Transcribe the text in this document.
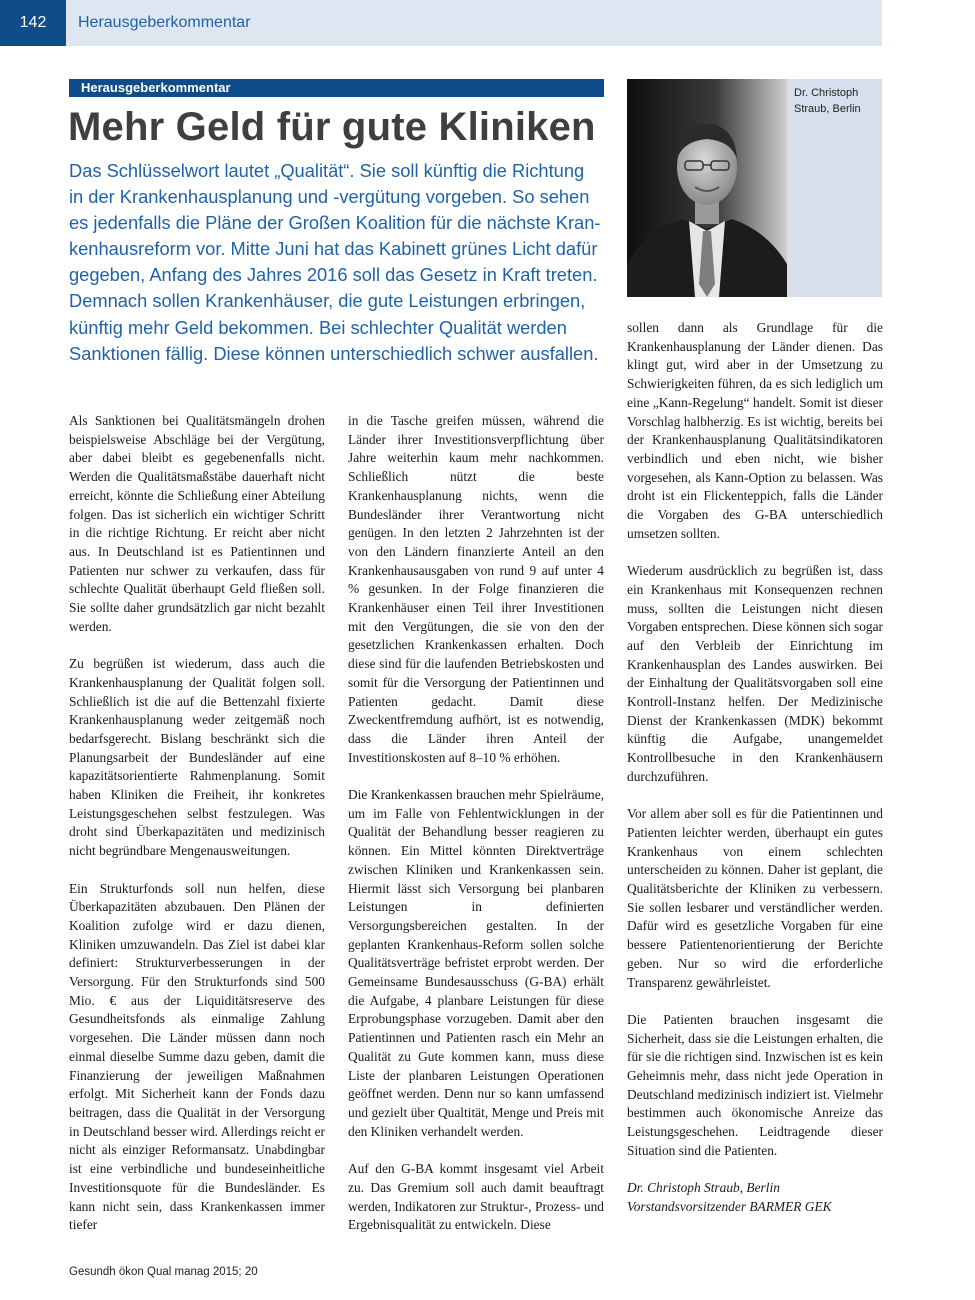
142	Herausgeberkommentar
Herausgeberkommentar
Mehr Geld für gute Kliniken
Das Schlüsselwort lautet „Qualität“. Sie soll künftig die Richtung
in der Krankenhausplanung und -vergütung vorgeben. So sehen
es jedenfalls die Pläne der Großen Koalition für die nächste Kran-
kenhausreform vor. Mitte Juni hat das Kabinett grünes Licht dafür
gegeben, Anfang des Jahres 2016 soll das Gesetz in Kraft treten.
Demnach sollen Krankenhäuser, die gute Leistungen erbringen,
künftig mehr Geld bekommen. Bei schlechter Qualität werden
Sanktionen fällig. Diese können unterschiedlich schwer ausfallen.
Dr. Christoph
Straub, Berlin

Als Sanktionen bei Qualitätsmängeln drohen beispielsweise Abschläge bei der Vergütung, aber dabei bleibt es gegebenenfalls nicht. Werden die Qualitätsmaßstäbe dauerhaft nicht erreicht, könnte die Schließung einer Abteilung folgen. Das ist sicherlich ein wichtiger Schritt in die richtige Richtung. Er reicht aber nicht aus. In Deutschland ist es Patientinnen und Patienten nur schwer zu verkaufen, dass für schlechte Qualität überhaupt Geld fließen soll. Sie sollte daher grundsätzlich gar nicht bezahlt werden.

Zu begrüßen ist wiederum, dass auch die Krankenhausplanung der Qualität folgen soll. Schließlich ist die auf die Bettenzahl fixierte Krankenhausplanung weder zeitgemäß noch bedarfsgerecht. Bislang beschränkt sich die Planungsarbeit der Bundesländer auf eine kapazitätsorientierte Rahmenplanung. Somit haben Kliniken die Freiheit, ihr konkretes Leistungsgeschehen selbst festzulegen. Was droht sind Überkapazitäten und medizinisch nicht begründbare Mengenausweitungen.

Ein Strukturfonds soll nun helfen, diese Überkapazitäten abzubauen. Den Plänen der Koalition zufolge wird er dazu dienen, Kliniken umzuwandeln. Das Ziel ist dabei klar definiert: Strukturverbesserungen in der Versorgung. Für den Strukturfonds sind 500 Mio. € aus der Liquiditätsreserve des Gesundheitsfonds als einmalige Zahlung vorgesehen. Die Länder müssen dann noch einmal dieselbe Summe dazu geben, damit die Finanzierung der jeweiligen Maßnahmen erfolgt. Mit Sicherheit kann der Fonds dazu beitragen, dass die Qualität in der Versorgung in Deutschland besser wird. Allerdings reicht er nicht als einziger Reformansatz. Unabdingbar ist eine verbindliche und bundeseinheitliche Investitionsquote für die Bundesländer. Es kann nicht sein, dass Krankenkassen immer tiefer

in die Tasche greifen müssen, während die Länder ihrer Investitionsverpflichtung über Jahre weiterhin kaum mehr nachkommen. Schließlich nützt die beste Krankenhausplanung nichts, wenn die Bundesländer ihrer Verantwortung nicht genügen. In den letzten 2 Jahrzehnten ist der von den Ländern finanzierte Anteil an den Krankenhausausgaben von rund 9 auf unter 4 % gesunken. In der Folge finanzieren die Krankenhäuser einen Teil ihrer Investitionen mit den Vergütungen, die sie von den der gesetzlichen Krankenkassen erhalten. Doch diese sind für die laufenden Betriebskosten und somit für die Versorgung der Patientinnen und Patienten gedacht. Damit diese Zweckentfremdung aufhört, ist es notwendig, dass die Länder ihren Anteil der Investitionskosten auf 8–10 % erhöhen.

Die Krankenkassen brauchen mehr Spielräume, um im Falle von Fehlentwicklungen in der Qualität der Behandlung besser reagieren zu können. Ein Mittel könnten Direktverträge zwischen Kliniken und Krankenkassen sein. Hiermit lässt sich Versorgung bei planbaren Leistungen in definierten Versorgungsbereichen gestalten. In der geplanten Krankenhaus-Reform sollen solche Qualitätsverträge befristet erprobt werden. Der Gemeinsame Bundesausschuss (G-BA) erhält die Aufgabe, 4 planbare Leistungen für diese Erprobungsphase vorzugeben. Damit aber den Patientinnen und Patienten rasch ein Mehr an Qualität zu Gute kommen kann, muss diese Liste der planbaren Leistungen Operationen geöffnet werden. Denn nur so kann umfassend und gezielt über Qualtität, Menge und Preis mit den Kliniken verhandelt werden.

Auf den G-BA kommt insgesamt viel Arbeit zu. Das Gremium soll auch damit beauftragt werden, Indikatoren zur Struktur-, Prozess- und Ergebnisqualität zu entwickeln. Diese

sollen dann als Grundlage für die Krankenhausplanung der Länder dienen. Das klingt gut, wird aber in der Umsetzung zu Schwierigkeiten führen, da es sich lediglich um eine „Kann-Regelung“ handelt. Somit ist dieser Vorschlag halbherzig. Es ist wichtig, bereits bei der Krankenhausplanung Qualitätsindikatoren verbindlich und eben nicht, wie bisher vorgesehen, als Kann-Option zu belassen. Was droht ist ein Flickenteppich, falls die Länder die Vorgaben des G-BA unterschiedlich umsetzen sollten.

Wiederum ausdrücklich zu begrüßen ist, dass ein Krankenhaus mit Konsequenzen rechnen muss, sollten die Leistungen nicht diesen Vorgaben entsprechen. Diese können sich sogar auf den Verbleib der Einrichtung im Krankenhausplan des Landes auswirken. Bei der Einhaltung der Qualitätsvorgaben soll eine Kontroll-Instanz helfen. Der Medizinische Dienst der Krankenkassen (MDK) bekommt künftig die Aufgabe, unangemeldet Kontrollbesuche in den Krankenhäusern durchzuführen.

Vor allem aber soll es für die Patientinnen und Patienten leichter werden, überhaupt ein gutes Krankenhaus von einem schlechten unterscheiden zu können. Daher ist geplant, die Qualitätsberichte der Kliniken zu verbessern. Sie sollen lesbarer und verständlicher werden. Dafür wird es gesetzliche Vorgaben für eine bessere Patientenorientierung der Berichte geben. Nur so wird die erforderliche Transparenz gewährleistet.

Die Patienten brauchen insgesamt die Sicherheit, dass sie die Leistungen erhalten, die für sie die richtigen sind. Inzwischen ist es kein Geheimnis mehr, dass nicht jede Operation in Deutschland medizinisch indiziert ist. Vielmehr bestimmen auch ökonomische Anreize das Leistungsgeschehen. Leidtragende dieser Situation sind die Patienten.

Dr. Christoph Straub, Berlin
Vorstandsvorsitzender BARMER GEK
Gesundh ökon Qual manag 2015; 20
